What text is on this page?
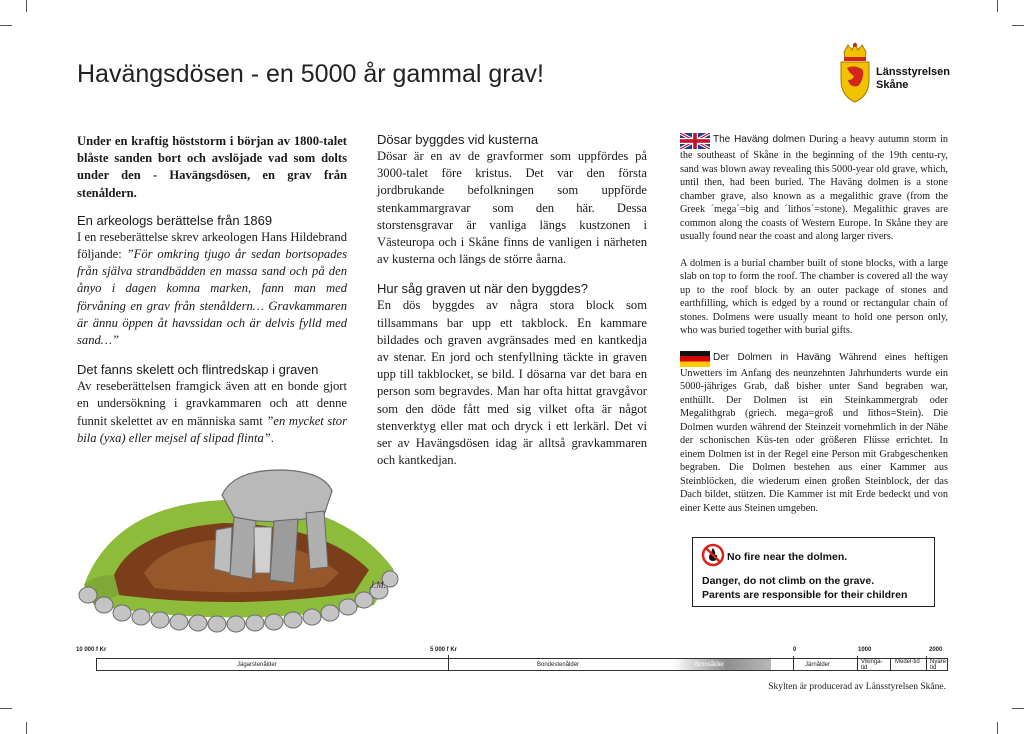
Havängsdösen - en 5000 år gammal grav!	Länsstyrelsen
Skåne

Under en kraftig höststorm i början av 1800-talet blåste sanden bort och avslöjade vad som dolts under den - Havängsdösen, en grav från stenåldern.

En arkeologs berättelse från 1869

I en reseberättelse skrev arkeologen Hans Hildebrand följande: ”För omkring tjugo år sedan bortsopades från själva strandbädden en massa sand och på den ånyo i dagen komna marken, fann man med förvåning en grav från stenåldern… Gravkammaren är ännu öppen åt havssidan och är delvis fylld med sand…”

Det fanns skelett och flintredskap i graven

Av reseberättelsen framgick även att en bonde gjort en undersökning i gravkammaren och att denne funnit skelettet av en människa samt ”en mycket stor bila (yxa) eller mejsel af slipad flinta”.

Dösar byggdes vid kusterna

Dösar är en av de gravformer som uppfördes på 3000-talet före kristus. Det var den första jordbrukande befolkningen som uppförde stenkammargravar som den här. Dessa storstensgravar är vanliga längs kustzonen i Västeuropa och i Skåne finns de vanligen i närheten av kusterna och längs de större åarna.

Hur såg graven ut när den byggdes?

En dös byggdes av några stora block som tillsammans bar upp ett takblock. En kammare bildades och graven avgränsades med en kantkedja av stenar. En jord och stenfyllning täckte in graven upp till takblocket, se bild. I dösarna var det bara en person som begravdes. Man har ofta hittat gravgåvor som den döde fått med sig vilket ofta är något stenverktyg eller mat och dryck i ett lerkärl. Det vi ser av Havängsdösen idag är alltså gravkammaren och kantkedjan.

The Haväng dolmen During a heavy autumn storm in the southeast of Skåne in the beginning of the 19th centu-ry, sand was blown away revealing this 5000-year old grave, which, until then, had been buried. The Haväng dolmen is a stone chamber grave, also known as a megalithic grave (from the Greek ´mega´=big and ´lithos´=stone). Megalithic graves are common along the coasts of Western Europe. In Skåne they are usually found near the coast and along larger rivers.

A dolmen is a burial chamber built of stone blocks, with a large slab on top to form the roof. The chamber is covered all the way up to the roof block by an outer package of stones and earthfilling, which is edged by a round or rectangular chain of stones. Dolmens were usually meant to hold one person only, who was buried together with burial gifts.

Der Dolmen in Haväng Während eines heftigen Unwetters im Anfang des neunzehnten Jahrhunderts wurde ein 5000-jähriges Grab, daß bisher unter Sand begraben war, enthüllt. Der Dolmen ist ein Steinkammergrab oder Megalithgrab (griech. mega=groß und lithos=Stein). Die Dolmen wurden während der Steinzeit vornehmlich in der Nähe der schonischen Küs-ten oder größeren Flüsse errichtet. In einem Dolmen ist in der Regel eine Person mit Grabgeschenken begraben. Die Dolmen bestehen aus einer Kammer aus Steinblöcken, die wiederum einen großen Steinblock, der das Dach bildet, stützen. Die Kammer ist mit Erde bedeckt und von einer Kette aus Steinen umgeben.

No fire near the dolmen.
Danger, do not climb on the grave.
Parents are responsible for their children
J.M.
10 000 f Kr	5 000 f Kr	0	1000	2000
Jägarstenålder	Bondestenålder	Bronsålder	Järnålder	Vikinga-tid
Medel-tid	Nyare tid
Skylten är producerad av Länsstyrelsen Skåne.
